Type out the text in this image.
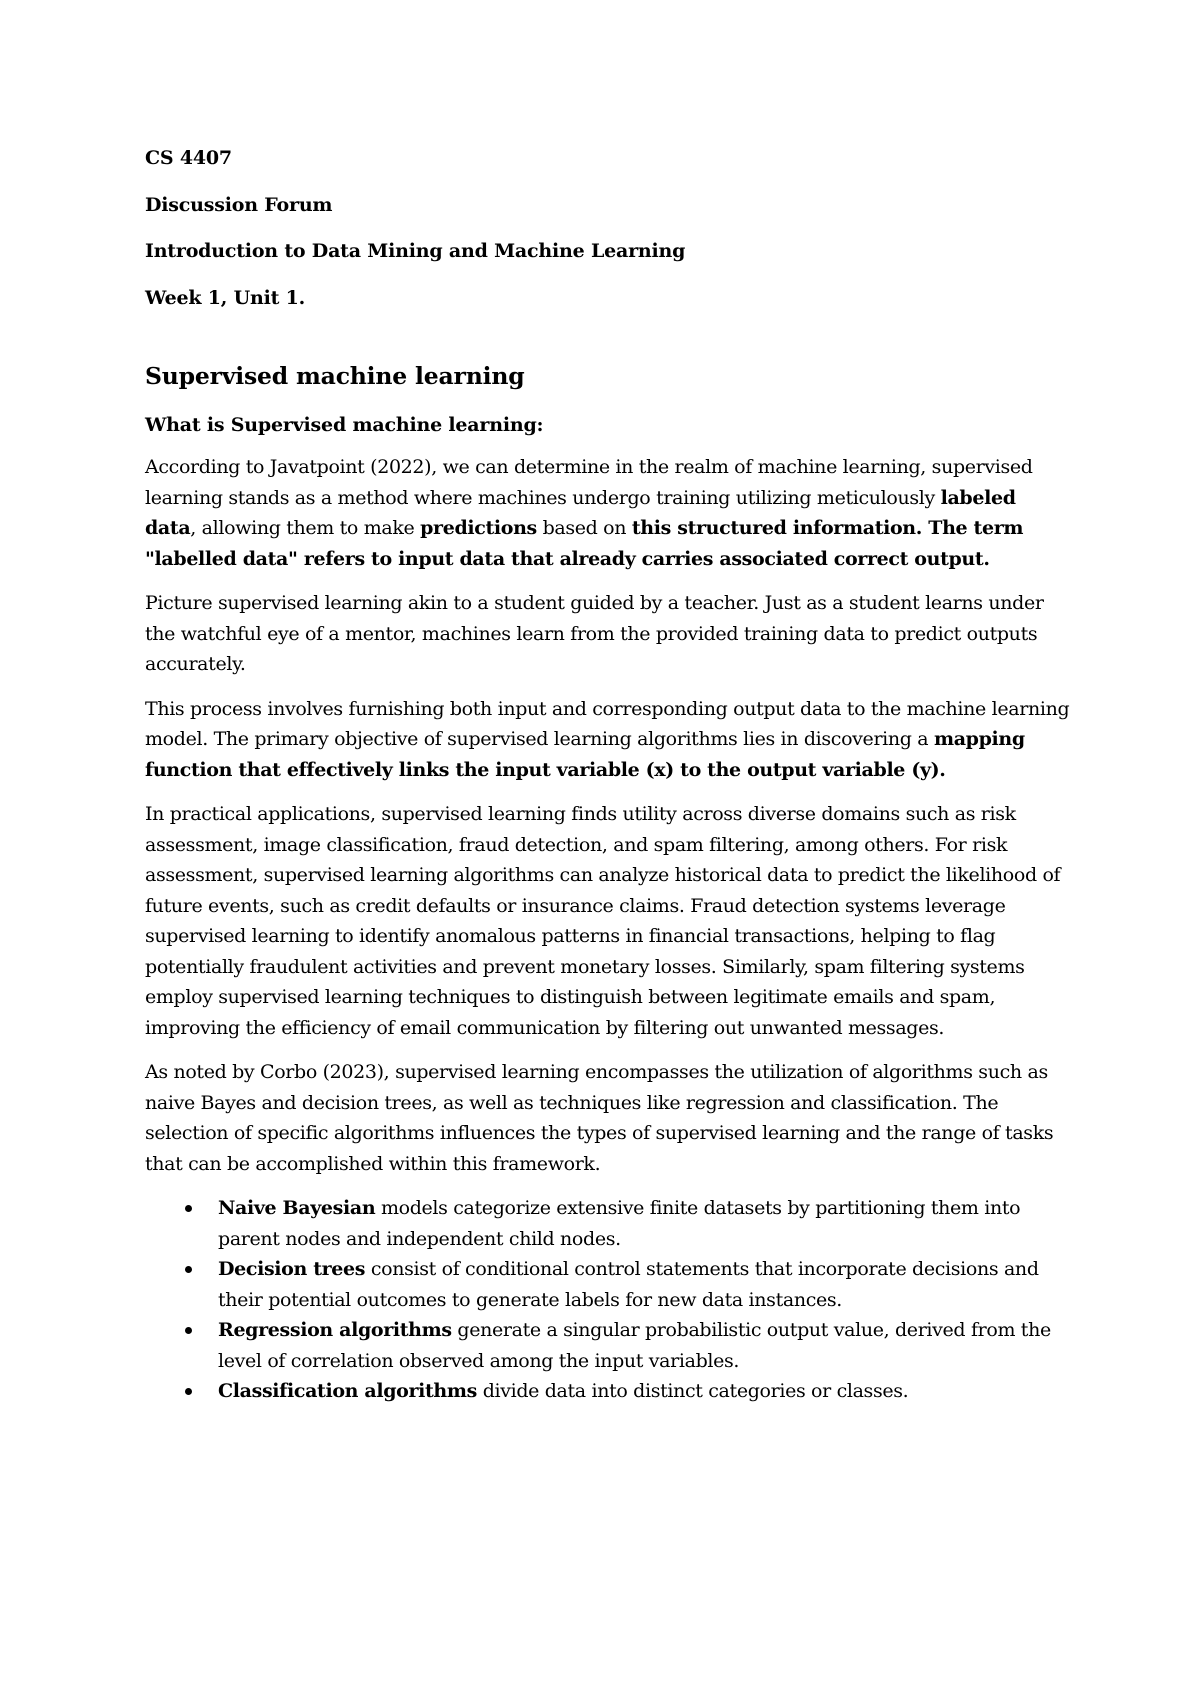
CS 4407
Discussion Forum
Introduction to Data Mining and Machine Learning
Week 1, Unit 1.
Supervised machine learning
What is Supervised machine learning:

According to Javatpoint (2022), we can determine in the realm of machine learning, supervised learning stands as a method where machines undergo training utilizing meticulously labeled data, allowing them to make predictions based on this structured information. The term "labelled data" refers to input data that already carries associated correct output.

Picture supervised learning akin to a student guided by a teacher. Just as a student learns under the watchful eye of a mentor, machines learn from the provided training data to predict outputs accurately.

This process involves furnishing both input and corresponding output data to the machine learning model. The primary objective of supervised learning algorithms lies in discovering a mapping function that effectively links the input variable (x) to the output variable (y).

In practical applications, supervised learning finds utility across diverse domains such as risk assessment, image classification, fraud detection, and spam filtering, among others. For risk assessment, supervised learning algorithms can analyze historical data to predict the likelihood of future events, such as credit defaults or insurance claims. Fraud detection systems leverage supervised learning to identify anomalous patterns in financial transactions, helping to flag potentially fraudulent activities and prevent monetary losses. Similarly, spam filtering systems employ supervised learning techniques to distinguish between legitimate emails and spam, improving the efficiency of email communication by filtering out unwanted messages.

As noted by Corbo (2023), supervised learning encompasses the utilization of algorithms such as naive Bayes and decision trees, as well as techniques like regression and classification. The selection of specific algorithms influences the types of supervised learning and the range of tasks that can be accomplished within this framework.

Naive Bayesian models categorize extensive finite datasets by partitioning them into parent nodes and independent child nodes.
Decision trees consist of conditional control statements that incorporate decisions and their potential outcomes to generate labels for new data instances.
Regression algorithms generate a singular probabilistic output value, derived from the level of correlation observed among the input variables.
Classification algorithms divide data into distinct categories or classes.
